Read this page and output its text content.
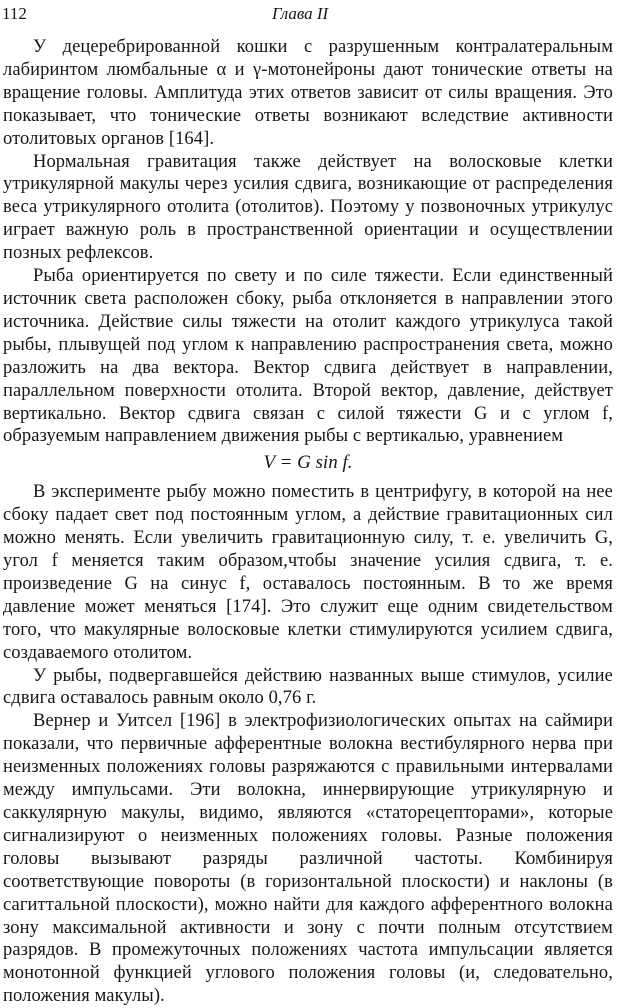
112	Глава II

У децеребрированной кошки с разрушенным контралатеральным лабиринтом люмбальные α и γ-мотонейроны дают тонические ответы на вращение головы. Амплитуда этих ответов зависит от силы вращения. Это показывает, что тонические ответы возникают вследствие активности отолитовых органов [164].

Нормальная гравитация также действует на волосковые клетки утрикулярной макулы через усилия сдвига, возникающие от распределения веса утрикулярного отолита (отолитов). Поэтому у позвоночных утрикулус играет важную роль в пространственной ориентации и осуществлении позных рефлексов.

Рыба ориентируется по свету и по силе тяжести. Если единственный источник света расположен сбоку, рыба отклоняется в направлении этого источника. Действие силы тяжести на отолит каждого утрикулуса такой рыбы, плывущей под углом к направлению распространения света, можно разложить на два вектора. Вектор сдвига действует в направлении, параллельном поверхности отолита. Второй вектор, давление, действует вертикально. Вектор сдвига связан с силой тяжести G и с углом f, образуемым направлением движения рыбы с вертикалью, уравнением

V = G sin f.

В эксперименте рыбу можно поместить в центрифугу, в которой на нее сбоку падает свет под постоянным углом, а действие гравитационных сил можно менять. Если увеличить гравитационную силу, т. е. увеличить G, угол f меняется таким образом,чтобы значение усилия сдвига, т. е. произведение G на синус f, оставалось постоянным. В то же время давление может меняться [174]. Это служит еще одним свидетельством того, что макулярные волосковые клетки стимулируются усилием сдвига, создаваемого отолитом.

У рыбы, подвергавшейся действию названных выше стимулов, усилие сдвига оставалось равным около 0,76 г.

Вернер и Уитсел [196] в электрофизиологических опытах на саймири показали, что первичные афферентные волокна вестибулярного нерва при неизменных положениях головы разряжаются с правильными интервалами между импульсами. Эти волокна, иннервирующие утрикулярную и саккулярную макулы, видимо, являются «статорецепторами», которые сигнализируют о неизменных положениях головы. Разные положения головы вызывают разряды различной частоты. Комбинируя соответствующие повороты (в горизонтальной плоскости) и наклоны (в сагиттальной плоскости), можно найти для каждого афферентного волокна зону максимальной активности и зону с почти полным отсутствием разрядов. В промежуточных положениях частота импульсации является монотонной функцией углового положения головы (и, следовательно, положения макулы).
